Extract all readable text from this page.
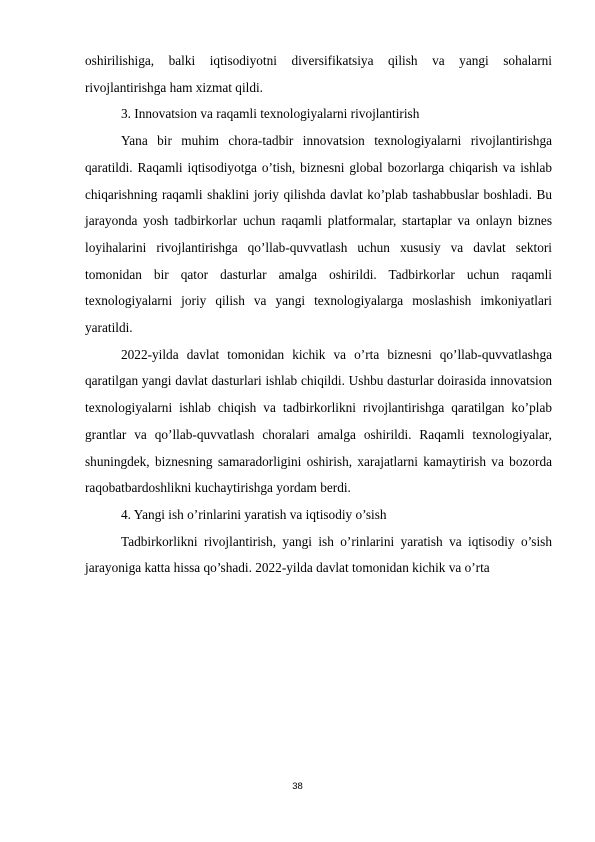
oshirilishiga, balki iqtisodiyotni diversifikatsiya qilish va yangi sohalarni rivojlantirishga ham xizmat qildi.

3. Innovatsion va raqamli texnologiyalarni rivojlantirish

Yana bir muhim chora-tadbir innovatsion texnologiyalarni rivojlantirishga qaratildi. Raqamli iqtisodiyotga o’tish, biznesni global bozorlarga chiqarish va ishlab chiqarishning raqamli shaklini joriy qilishda davlat ko’plab tashabbuslar boshladi. Bu jarayonda yosh tadbirkorlar uchun raqamli platformalar, startaplar va onlayn biznes loyihalarini rivojlantirishga qo’llab-quvvatlash uchun xususiy va davlat sektori tomonidan bir qator dasturlar amalga oshirildi. Tadbirkorlar uchun raqamli texnologiyalarni joriy qilish va yangi texnologiyalarga moslashish imkoniyatlari yaratildi.

2022-yilda davlat tomonidan kichik va o’rta biznesni qo’llab-quvvatlashga qaratilgan yangi davlat dasturlari ishlab chiqildi. Ushbu dasturlar doirasida innovatsion texnologiyalarni ishlab chiqish va tadbirkorlikni rivojlantirishga qaratilgan ko’plab grantlar va qo’llab-quvvatlash choralari amalga oshirildi. Raqamli texnologiyalar, shuningdek, biznesning samaradorligini oshirish, xarajatlarni kamaytirish va bozorda raqobatbardoshlikni kuchaytirishga yordam berdi.

4. Yangi ish o’rinlarini yaratish va iqtisodiy o’sish

Tadbirkorlikni rivojlantirish, yangi ish o’rinlarini yaratish va iqtisodiy o’sish jarayoniga katta hissa qo’shadi. 2022-yilda davlat tomonidan kichik va o’rta

38
